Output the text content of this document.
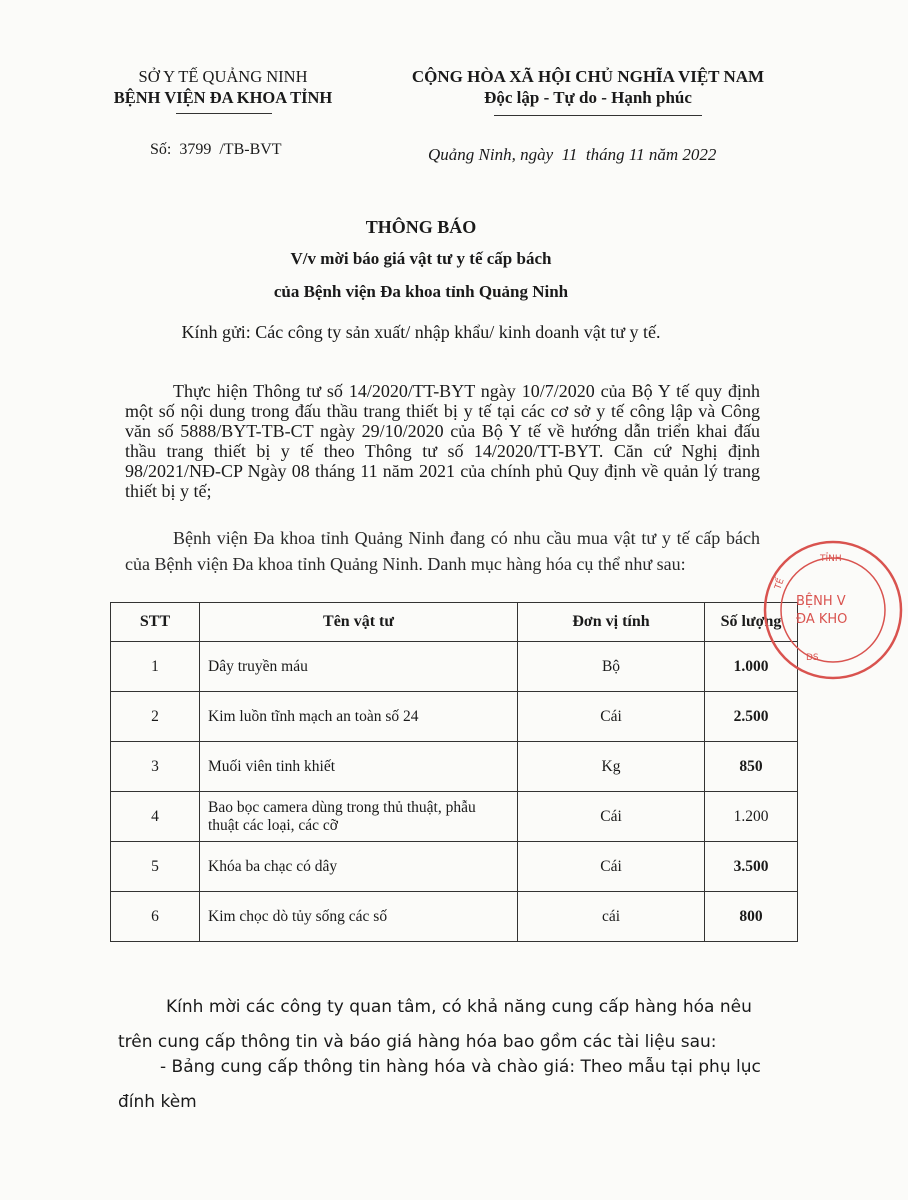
SỞ Y TẾ QUẢNG NINH
BỆNH VIỆN ĐA KHOA TỈNH
CỘNG HÒA XÃ HỘI CHỦ NGHĨA VIỆT NAM
Độc lập - Tự do - Hạnh phúc
Số:  3799  /TB-BVT	Quảng Ninh, ngày  11  tháng 11 năm 2022
THÔNG BÁO
V/v mời báo giá vật tư y tế cấp bách
của Bệnh viện Đa khoa tỉnh Quảng Ninh
Kính gửi: Các công ty sản xuất/ nhập khẩu/ kinh doanh vật tư y tế.
Thực hiện Thông tư số 14/2020/TT-BYT ngày 10/7/2020 của Bộ Y tế quy định một số nội dung trong đấu thầu trang thiết bị y tế tại các cơ sở y tế công lập và Công văn số 5888/BYT-TB-CT ngày 29/10/2020 của Bộ Y tế về hướng dẫn triển khai đấu thầu trang thiết bị y tế theo Thông tư số 14/2020/TT-BYT. Căn cứ Nghị định 98/2021/NĐ-CP Ngày 08 tháng 11 năm 2021 của chính phủ Quy định về quản lý trang thiết bị y tế;
Bệnh viện Đa khoa tỉnh Quảng Ninh đang có nhu cầu mua vật tư y tế cấp bách của Bệnh viện Đa khoa tỉnh Quảng Ninh. Danh mục hàng hóa cụ thể như sau:
STT	Tên vật tư	Đơn vị tính	Số lượng
1	Dây truyền máu	Bộ	1.000
2	Kim luồn tĩnh mạch an toàn số 24	Cái	2.500
3	Muối viên tinh khiết	Kg	850
4	Bao bọc camera dùng trong thủ thuật, phẫu thuật các loại, các cỡ	Cái	1.200
5	Khóa ba chạc có dây	Cái	3.500
6	Kim chọc dò tủy sống các số	cái	800
Kính mời các công ty quan tâm, có khả năng cung cấp hàng hóa nêu trên cung cấp thông tin và báo giá hàng hóa bao gồm các tài liệu sau:
- Bảng cung cấp thông tin hàng hóa và chào giá: Theo mẫu tại phụ lục đính kèm
TỈNH
TẾ
BỆNH V
ĐA KHO
DS
